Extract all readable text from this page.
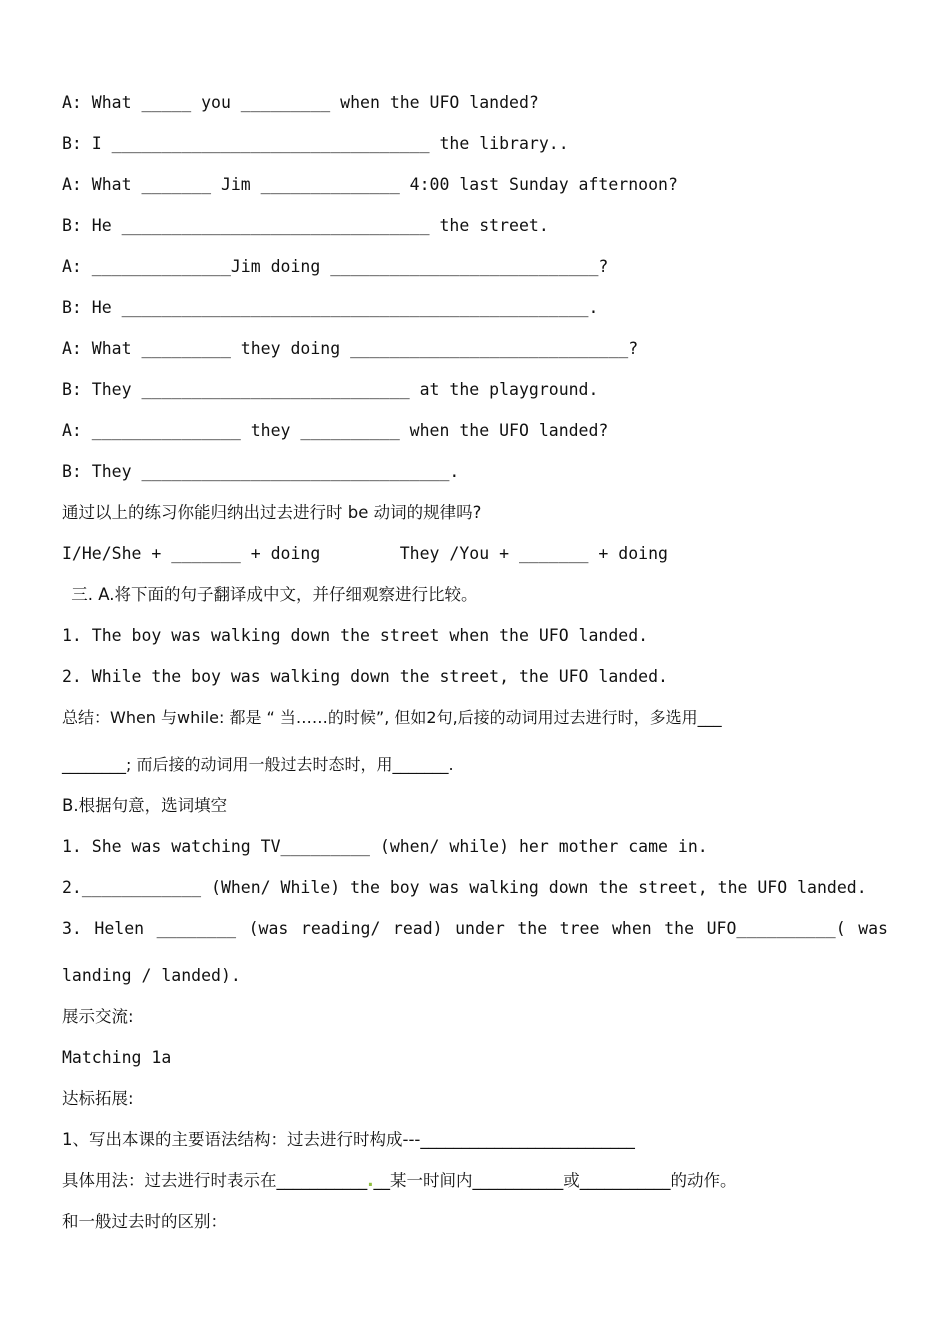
A: What _____ you _________ when the UFO landed?
B: I ________________________________ the library..
A: What _______ Jim ______________ 4:00 last Sunday afternoon?
B: He _______________________________ the street.
A: ______________Jim doing ___________________________?
B: He _______________________________________________.
A: What _________ they doing ____________________________?
B: They ___________________________ at the playground.
A: _______________ they __________ when the UFO landed?
B: They _______________________________.
通过以上的练习你能归纳出过去进行时 be 动词的规律吗?
I/He/She + _______ + doing        They /You + _______ + doing
三. A.将下面的句子翻译成中文，并仔细观察进行比较。
1. The boy was walking down the street when the UFO landed.
2. While the boy was walking down the street, the UFO landed.
总结：When 与while: 都是 “ 当……的时候”, 但如2句,后接的动词用过去进行时，多选用___
________; 而后接的动词用一般过去时态时，用_______.
B.根据句意，选词填空
1. She was watching TV_________ (when/ while) her mother came in.
2.____________ (When/ While) the boy was walking down the street, the UFO landed.
3. Helen ________ (was reading/ read) under the tree when the UFO__________( was
landing / landed).
展示交流:
Matching 1a
达标拓展:
1、写出本课的主要语法结构：过去进行时构成---__________________________
具体用法：过去进行时表示在___________.__某一时间内___________或___________的动作。
和一般过去时的区别：
